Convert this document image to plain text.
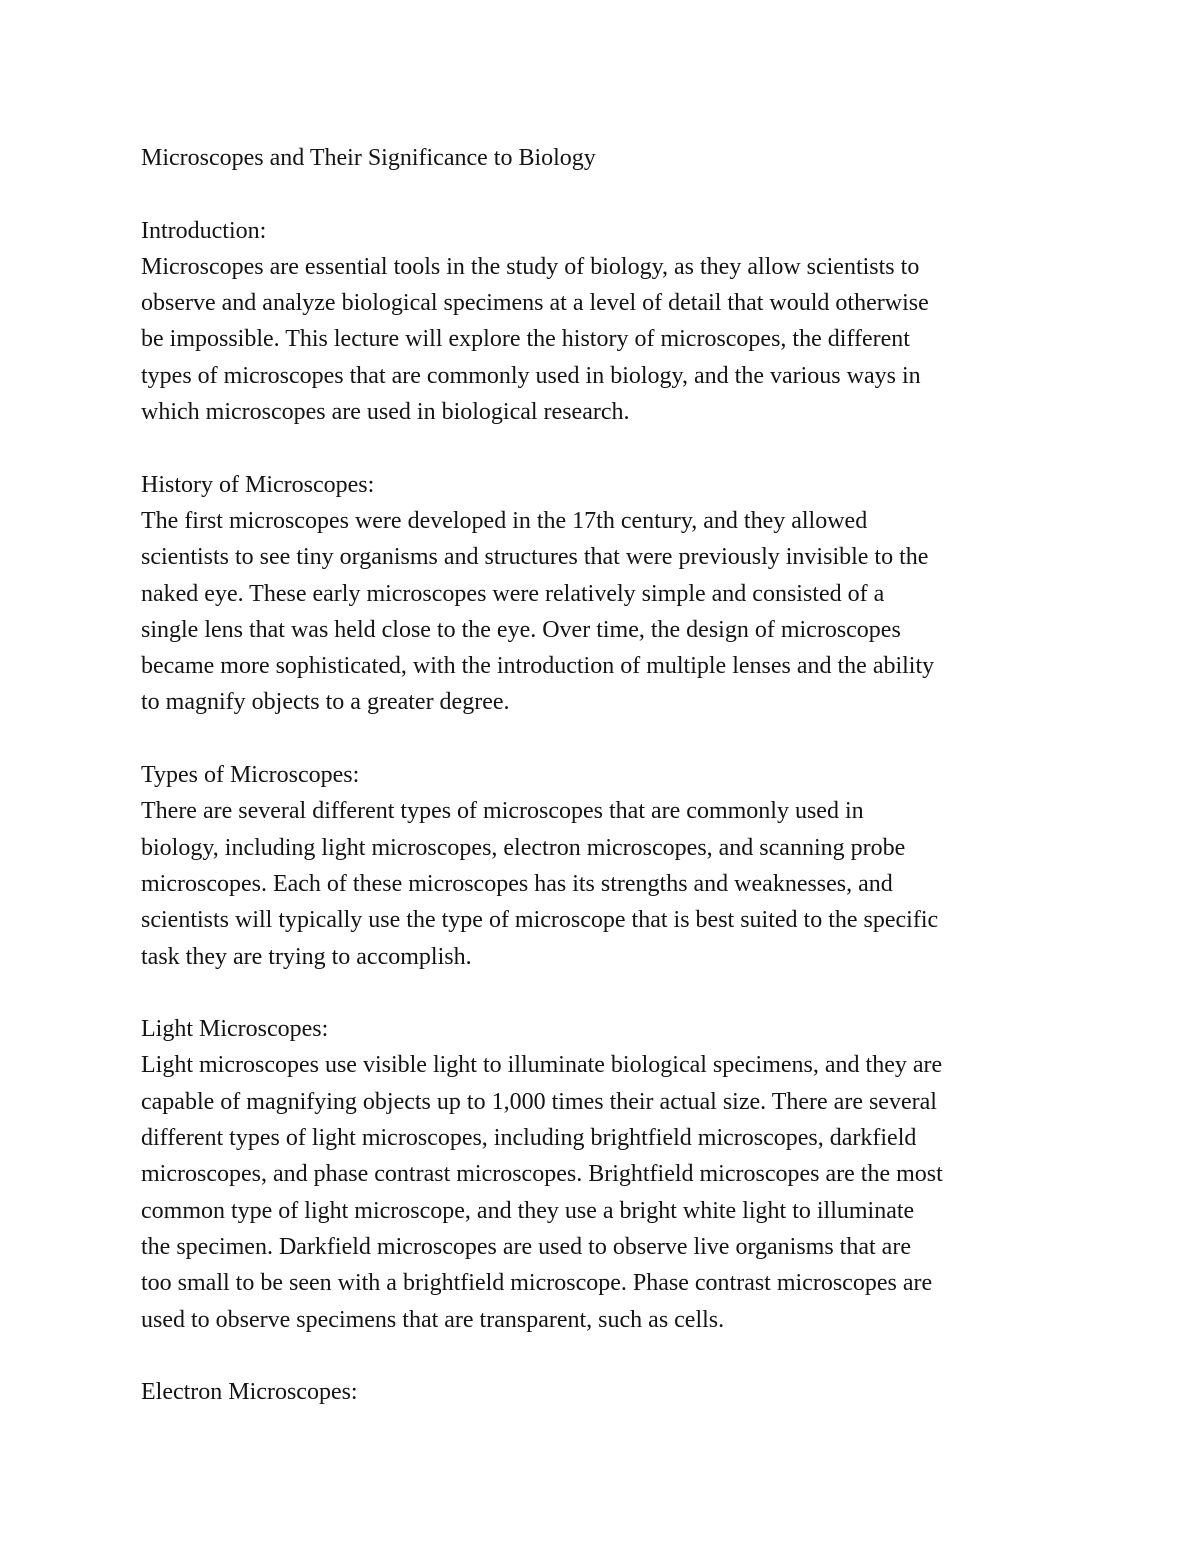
Microscopes and Their Significance to Biology
Introduction:
Microscopes are essential tools in the study of biology, as they allow scientists to
observe and analyze biological specimens at a level of detail that would otherwise
be impossible. This lecture will explore the history of microscopes, the different
types of microscopes that are commonly used in biology, and the various ways in
which microscopes are used in biological research.
History of Microscopes:
The first microscopes were developed in the 17th century, and they allowed
scientists to see tiny organisms and structures that were previously invisible to the
naked eye. These early microscopes were relatively simple and consisted of a
single lens that was held close to the eye. Over time, the design of microscopes
became more sophisticated, with the introduction of multiple lenses and the ability
to magnify objects to a greater degree.
Types of Microscopes:
There are several different types of microscopes that are commonly used in
biology, including light microscopes, electron microscopes, and scanning probe
microscopes. Each of these microscopes has its strengths and weaknesses, and
scientists will typically use the type of microscope that is best suited to the specific
task they are trying to accomplish.
Light Microscopes:
Light microscopes use visible light to illuminate biological specimens, and they are
capable of magnifying objects up to 1,000 times their actual size. There are several
different types of light microscopes, including brightfield microscopes, darkfield
microscopes, and phase contrast microscopes. Brightfield microscopes are the most
common type of light microscope, and they use a bright white light to illuminate
the specimen. Darkfield microscopes are used to observe live organisms that are
too small to be seen with a brightfield microscope. Phase contrast microscopes are
used to observe specimens that are transparent, such as cells.
Electron Microscopes:
